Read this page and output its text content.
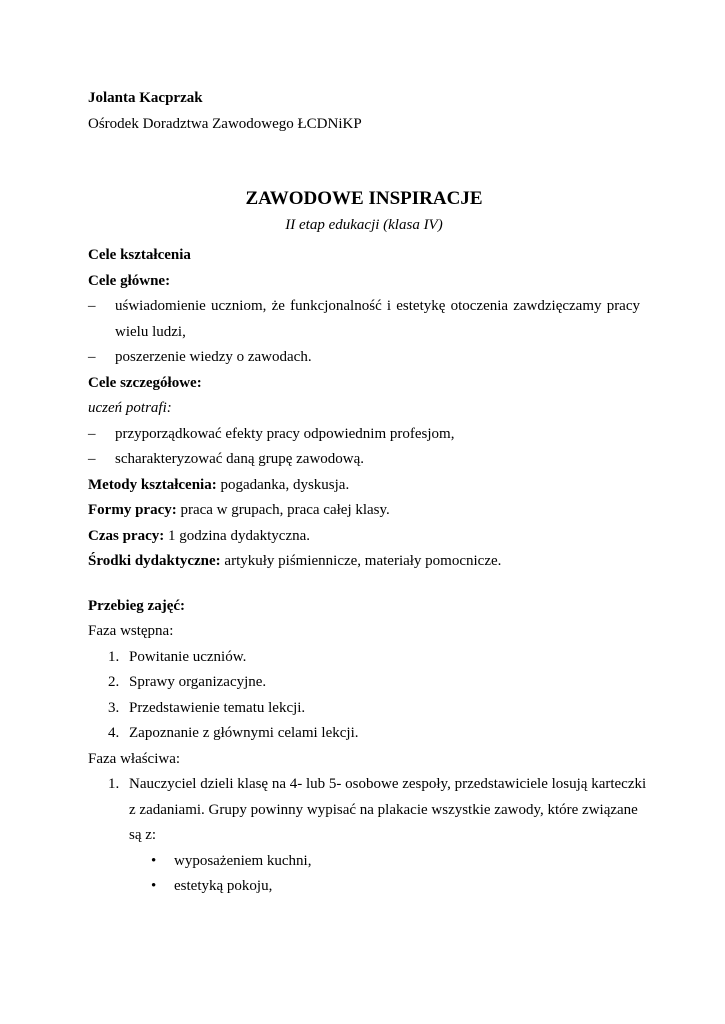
Jolanta Kacprzak
Ośrodek Doradztwa Zawodowego ŁCDNiKP
ZAWODOWE INSPIRACJE
II etap edukacji (klasa IV)
Cele kształcenia
Cele główne:
– uświadomienie uczniom, że funkcjonalność i estetykę otoczenia zawdzięczamy pracy wielu ludzi,
– poszerzenie wiedzy o zawodach.
Cele szczegółowe:
uczeń potrafi:
– przyporządkować efekty pracy odpowiednim profesjom,
– scharakteryzować daną grupę zawodową.
Metody kształcenia: pogadanka, dyskusja.
Formy pracy: praca w grupach, praca całej klasy.
Czas pracy: 1 godzina dydaktyczna.
Środki dydaktyczne: artykuły piśmiennicze, materiały pomocnicze.
Przebieg zajęć:
Faza wstępna:
1. Powitanie uczniów.
2. Sprawy organizacyjne.
3. Przedstawienie tematu lekcji.
4. Zapoznanie z głównymi celami lekcji.
Faza właściwa:
1. Nauczyciel dzieli klasę na 4- lub 5- osobowe zespoły, przedstawiciele losują karteczki
z zadaniami. Grupy powinny wypisać na plakacie wszystkie zawody, które związane
są z:
• wyposażeniem kuchni,
• estetyką pokoju,
